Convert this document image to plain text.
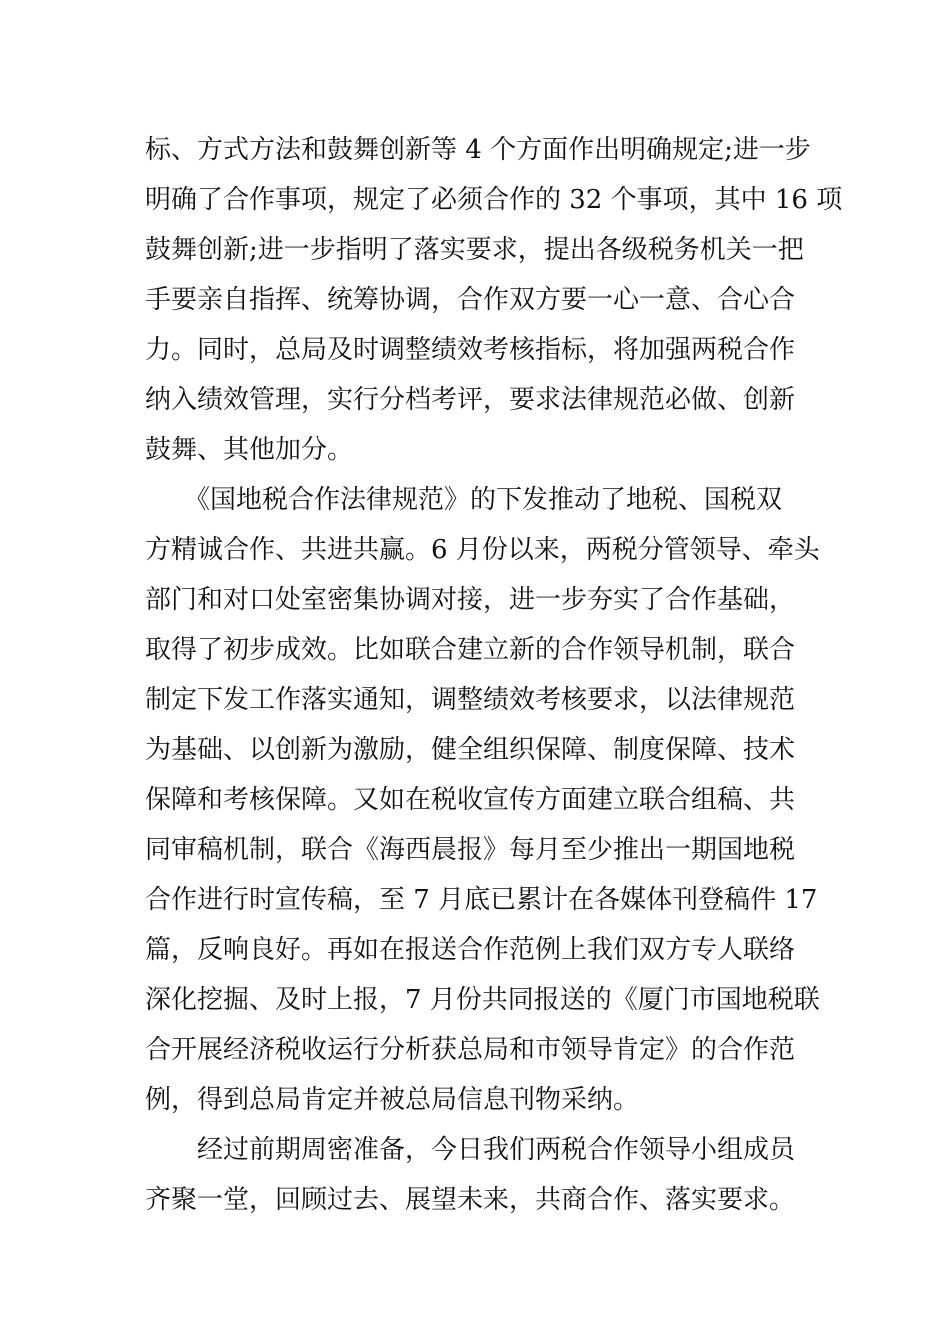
标、方式方法和鼓舞创新等 4 个方面作出明确规定;进一步
明确了合作事项，规定了必须合作的 32 个事项，其中 16 项
鼓舞创新;进一步指明了落实要求，提出各级税务机关一把
手要亲自指挥、统筹协调，合作双方要一心一意、合心合
力。同时，总局及时调整绩效考核指标，将加强两税合作
纳入绩效管理，实行分档考评，要求法律规范必做、创新
鼓舞、其他加分。
　　《国地税合作法律规范》的下发推动了地税、国税双
方精诚合作、共进共赢。6 月份以来，两税分管领导、牵头
部门和对口处室密集协调对接，进一步夯实了合作基础，
取得了初步成效。比如联合建立新的合作领导机制，联合
制定下发工作落实通知，调整绩效考核要求，以法律规范
为基础、以创新为激励，健全组织保障、制度保障、技术
保障和考核保障。又如在税收宣传方面建立联合组稿、共
同审稿机制，联合《海西晨报》每月至少推出一期国地税
合作进行时宣传稿，至 7 月底已累计在各媒体刊登稿件 17
篇，反响良好。再如在报送合作范例上我们双方专人联络
深化挖掘、及时上报，7 月份共同报送的《厦门市国地税联
合开展经济税收运行分析获总局和市领导肯定》的合作范
例，得到总局肯定并被总局信息刊物采纳。
　　经过前期周密准备，今日我们两税合作领导小组成员
齐聚一堂，回顾过去、展望未来，共商合作、落实要求。
